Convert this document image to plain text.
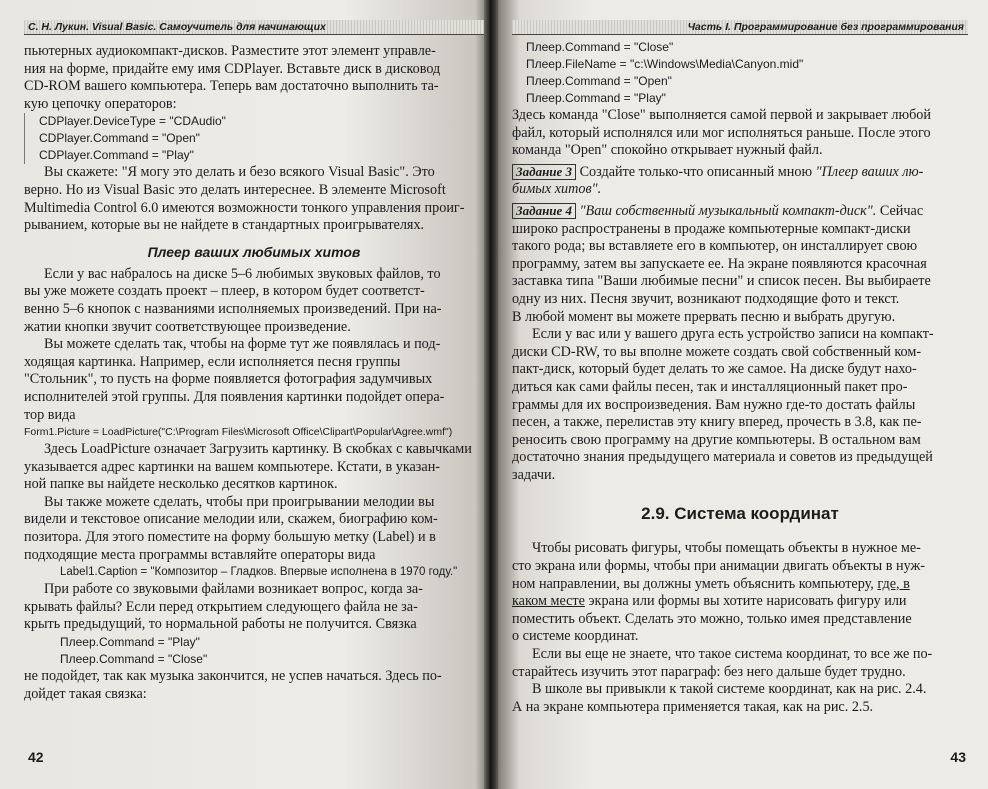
С. Н. Лукин. Visual Basic. Самоучитель для начинающих
пьютерных аудиокомпакт-дисков. Разместите этот элемент управле-
ния на форме, придайте ему имя CDPlayer. Вставьте диск в дисковод
CD-ROM вашего компьютера. Теперь вам достаточно выполнить та-
кую цепочку операторов:
CDPlayer.DeviceType = "CDAudio"
CDPlayer.Command = "Open"
CDPlayer.Command = "Play"
Вы скажете: "Я могу это делать и безо всякого Visual Basic". Это
верно. Но из Visual Basic это делать интереснее. В элементе Microsoft
Multimedia Control 6.0 имеются возможности тонкого управления проиг-
рыванием, которые вы не найдете в стандартных проигрывателях.
Плеер ваших любимых хитов
Если у вас набралось на диске 5–6 любимых звуковых файлов, то
вы уже можете создать проект – плеер, в котором будет соответст-
венно 5–6 кнопок с названиями исполняемых произведений. При на-
жатии кнопки звучит соответствующее произведение.
Вы можете сделать так, чтобы на форме тут же появлялась и под-
ходящая картинка. Например, если исполняется песня группы
"Стольник", то пусть на форме появляется фотография задумчивых
исполнителей этой группы. Для появления картинки подойдет опера-
тор вида
Form1.Picture = LoadPicture("C:\Program Files\Microsoft Office\Clipart\Popular\Agree.wmf")
Здесь LoadPicture означает Загрузить картинку. В скобках с кавычками
указывается адрес картинки на вашем компьютере. Кстати, в указан-
ной папке вы найдете несколько десятков картинок.
Вы также можете сделать, чтобы при проигрывании мелодии вы
видели и текстовое описание мелодии или, скажем, биографию ком-
позитора. Для этого поместите на форму большую метку (Label) и в
подходящие места программы вставляйте операторы вида
Label1.Caption = "Композитор – Гладков. Впервые исполнена в 1970 году."
При работе со звуковыми файлами возникает вопрос, когда за-
крывать файлы? Если перед открытием следующего файла не за-
крыть предыдущий, то нормальной работы не получится. Связка
Плеер.Command = "Play"
Плеер.Command = "Close"
не подойдет, так как музыка закончится, не успев начаться. Здесь по-
дойдет такая связка:
42
Часть I. Программирование без программирования
Плеер.Command = "Close"
Плеер.FileName = "c:\Windows\Media\Canyon.mid"
Плеер.Command = "Open"
Плеер.Command = "Play"
Здесь команда "Close" выполняется самой первой и закрывает любой
файл, который исполнялся или мог исполняться раньше. После этого
команда "Open" спокойно открывает нужный файл.
Задание 3 Создайте только-что описанный мною "Плеер ваших лю-
бимых хитов".
Задание 4 "Ваш собственный музыкальный компакт-диск". Сейчас
широко распространены в продаже компьютерные компакт-диски
такого рода; вы вставляете его в компьютер, он инсталлирует свою
программу, затем вы запускаете ее. На экране появляются красочная
заставка типа "Ваши любимые песни" и список песен. Вы выбираете
одну из них. Песня звучит, возникают подходящие фото и текст.
В любой момент вы можете прервать песню и выбрать другую.
Если у вас или у вашего друга есть устройство записи на компакт-
диски CD-RW, то вы вполне можете создать свой собственный ком-
пакт-диск, который будет делать то же самое. На диске будут нахо-
диться как сами файлы песен, так и инсталляционный пакет про-
граммы для их воспроизведения. Вам нужно где-то достать файлы
песен, а также, перелистав эту книгу вперед, прочесть в 3.8, как пе-
реносить свою программу на другие компьютеры. В остальном вам
достаточно знания предыдущего материала и советов из предыдущей
задачи.
2.9. Система координат
Чтобы рисовать фигуры, чтобы помещать объекты в нужное ме-
сто экрана или формы, чтобы при анимации двигать объекты в нуж-
ном направлении, вы должны уметь объяснить компьютеру, где, в
каком месте экрана или формы вы хотите нарисовать фигуру или
поместить объект. Сделать это можно, только имея представление
о системе координат.
Если вы еще не знаете, что такое система координат, то все же по-
старайтесь изучить этот параграф: без него дальше будет трудно.
В школе вы привыкли к такой системе координат, как на рис. 2.4.
А на экране компьютера применяется такая, как на рис. 2.5.
43
